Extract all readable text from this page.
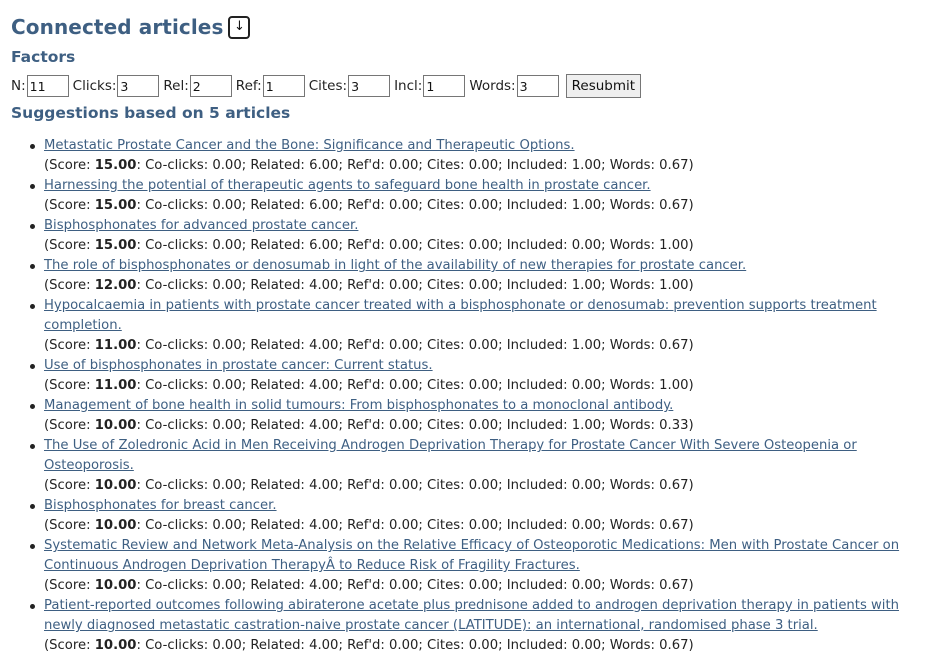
Connected articles ↓
Factors
N:
11	Clicks:
3	Rel:
2	Ref:
1	Cites:
3	Incl:
1	Words:
3	Resubmit
Suggestions based on 5 articles
Metastatic Prostate Cancer and the Bone: Significance and Therapeutic Options.
(Score: 15.00: Co-clicks: 0.00; Related: 6.00; Ref'd: 0.00; Cites: 0.00; Included: 1.00; Words: 0.67)
Harnessing the potential of therapeutic agents to safeguard bone health in prostate cancer.
(Score: 15.00: Co-clicks: 0.00; Related: 6.00; Ref'd: 0.00; Cites: 0.00; Included: 1.00; Words: 0.67)
Bisphosphonates for advanced prostate cancer.
(Score: 15.00: Co-clicks: 0.00; Related: 6.00; Ref'd: 0.00; Cites: 0.00; Included: 0.00; Words: 1.00)
The role of bisphosphonates or denosumab in light of the availability of new therapies for prostate cancer.
(Score: 12.00: Co-clicks: 0.00; Related: 4.00; Ref'd: 0.00; Cites: 0.00; Included: 1.00; Words: 1.00)
Hypocalcaemia in patients with prostate cancer treated with a bisphosphonate or denosumab: prevention supports treatment completion.
(Score: 11.00: Co-clicks: 0.00; Related: 4.00; Ref'd: 0.00; Cites: 0.00; Included: 1.00; Words: 0.67)
Use of bisphosphonates in prostate cancer: Current status.
(Score: 11.00: Co-clicks: 0.00; Related: 4.00; Ref'd: 0.00; Cites: 0.00; Included: 0.00; Words: 1.00)
Management of bone health in solid tumours: From bisphosphonates to a monoclonal antibody.
(Score: 10.00: Co-clicks: 0.00; Related: 4.00; Ref'd: 0.00; Cites: 0.00; Included: 1.00; Words: 0.33)
The Use of Zoledronic Acid in Men Receiving Androgen Deprivation Therapy for Prostate Cancer With Severe Osteopenia or Osteoporosis.
(Score: 10.00: Co-clicks: 0.00; Related: 4.00; Ref'd: 0.00; Cites: 0.00; Included: 0.00; Words: 0.67)
Bisphosphonates for breast cancer.
(Score: 10.00: Co-clicks: 0.00; Related: 4.00; Ref'd: 0.00; Cites: 0.00; Included: 0.00; Words: 0.67)
Systematic Review and Network Meta-Analysis on the Relative Efficacy of Osteoporotic Medications: Men with Prostate Cancer on Continuous Androgen Deprivation TherapyÂ to Reduce Risk of Fragility Fractures.
(Score: 10.00: Co-clicks: 0.00; Related: 4.00; Ref'd: 0.00; Cites: 0.00; Included: 0.00; Words: 0.67)
Patient-reported outcomes following abiraterone acetate plus prednisone added to androgen deprivation therapy in patients with newly diagnosed metastatic castration-naive prostate cancer (LATITUDE): an international, randomised phase 3 trial.
(Score: 10.00: Co-clicks: 0.00; Related: 4.00; Ref'd: 0.00; Cites: 0.00; Included: 0.00; Words: 0.67)
